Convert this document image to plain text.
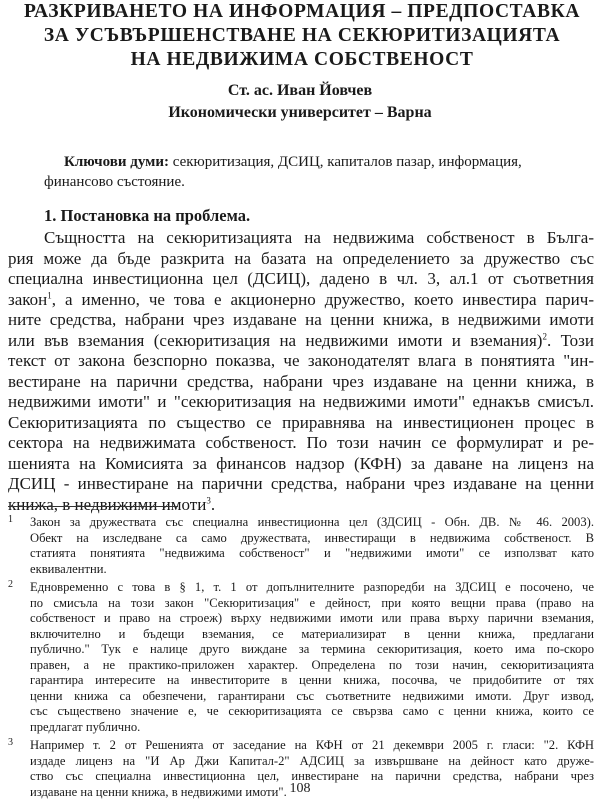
РАЗКРИВАНЕТО НА ИНФОРМАЦИЯ – ПРЕДПОСТАВКА
ЗА УСЪВЪРШЕНСТВАНЕ НА СЕКЮРИТИЗАЦИЯТА
НА НЕДВИЖИМА СОБСТВЕНОСТ
Ст. ас. Иван Йовчев
Икономически университет – Варна
Ключови думи: секюритизация, ДСИЦ, капиталов пазар, информация,
финансово състояние.
1. Постановка на проблема.
Същността на секюритизацията на недвижима собственост в Бълга-
рия може да бъде разкрита на базата на определението за дружество със
специална инвестиционна цел (ДСИЦ), дадено в чл. 3, ал.1 от съответния
закон$^1$, а именно, че това е акционерно дружество, което инвестира парич-
ните средства, набрани чрез издаване на ценни книжа, в недвижими имоти
или във вземания (секюритизация на недвижими имоти и вземания)$^2$. Този
текст от закона безспорно показва, че законодателят влага в понятията "ин-
вестиране на парични средства, набрани чрез издаване на ценни книжа, в
недвижими имоти" и "секюритизация на недвижими имоти" еднакъв смисъл.
Секюритизацията по същество се приравнява на инвестиционен процес в
сектора на недвижимата собственост. По този начин се формулират и ре-
шенията на Комисията за финансов надзор (КФН) за даване на лиценз на
ДСИЦ - инвестиране на парични средства, набрани чрез издаване на ценни
книжа, в недвижими имоти$^3$.
1 Закон за дружествата със специална инвестиционна цел (ЗДСИЦ - Обн. ДВ. № 46. 2003).
Обект на изследване са само дружествата, инвестиращи в недвижима собственост. В
статията понятията "недвижима собственост" и "недвижими имоти" се използват като
еквивалентни.
2 Едновременно с това в § 1, т. 1 от допълнителните разпоредби на ЗДСИЦ е посочено, че
по смисъла на този закон "Секюритизация" е дейност, при която вещни права (право на
собственост и право на строеж) върху недвижими имоти или права върху парични вземания,
включително и бъдещи вземания, се материализират в ценни книжа, предлагани
публично." Тук е налице друго виждане за термина секюритизация, което има по-скоро
правен, а не практико-приложен характер. Определена по този начин, секюритизацията
гарантира интересите на инвеститорите в ценни книжа, посочва, че придобитите от тях
ценни книжа са обезпечени, гарантирани със съответните недвижими имоти. Друг извод,
със съществено значение е, че секюритизацията се свързва само с ценни книжа, които се
предлагат публично.
3 Например т. 2 от Решенията от заседание на КФН от 21 декември 2005 г. гласи: "2. КФН
издаде лиценз на "И Ар Джи Капитал-2" АДСИЦ за извършване на дейност като друже-
ство със специална инвестиционна цел, инвестиране на парични средства, набрани чрез
издаване на ценни книжа, в недвижими имоти". 108
